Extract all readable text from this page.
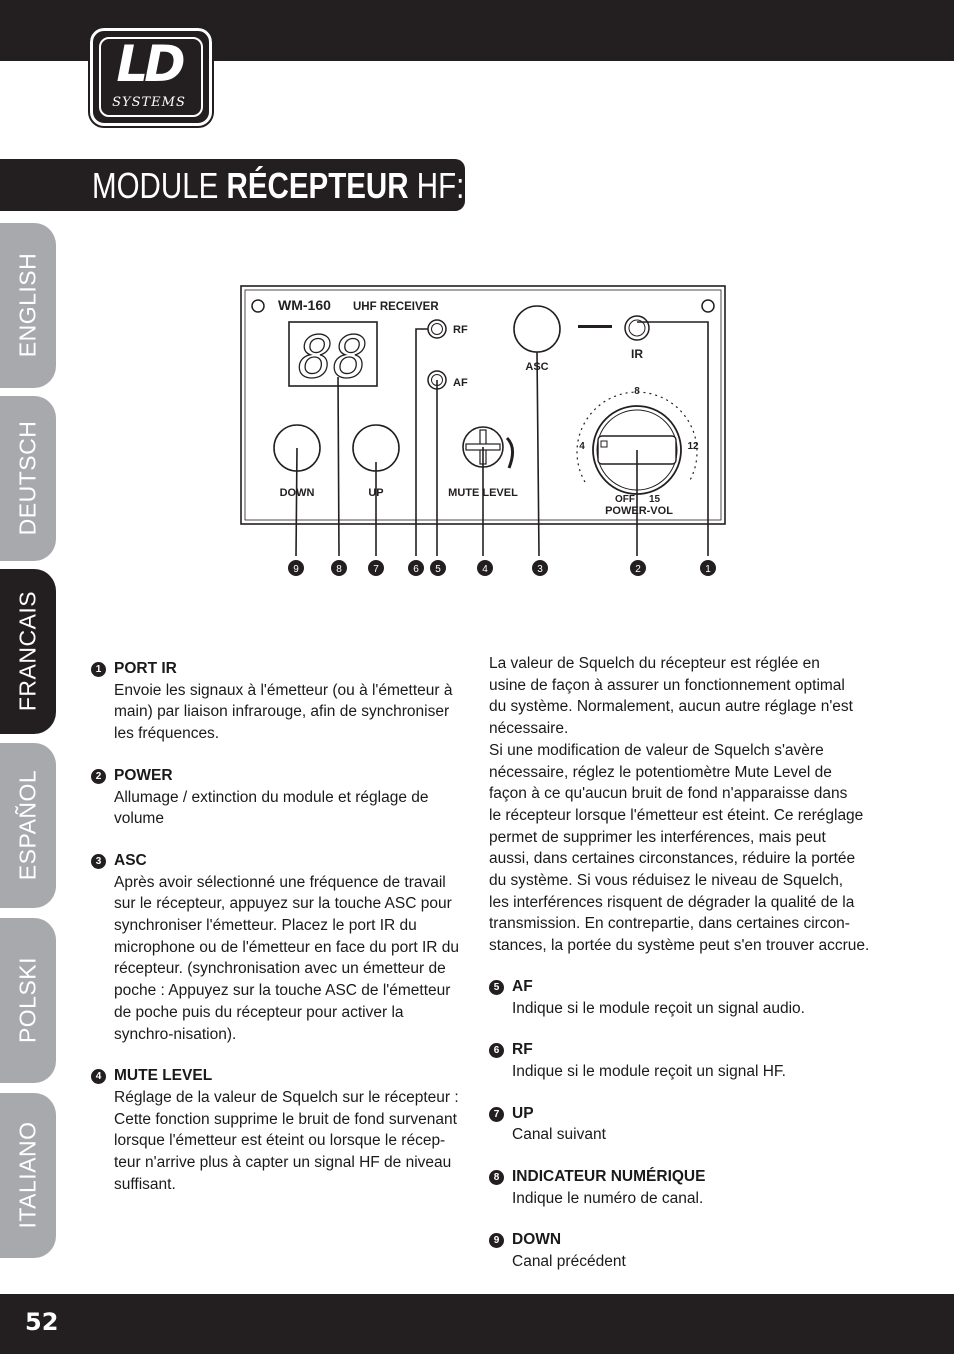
LD
SYSTEMS
MODULE RÉCEPTEUR HF:
ENGLISH
DEUTSCH
FRANCAIS
ESPAÑOL
POLSKI
ITALIANO
WM-160 UHF RECEIVER
88	RF
AF
ASC
IR
DOWN	UP	MUTE LEVEL
8
4	12
OFF 15
POWER-VOL
9	8	7	6 5	4	3	2	1
1 PORT IR

Envoie les signaux à l'émetteur (ou à l'émetteur à main) par liaison infrarouge, afin de synchroniser les fréquences.

2 POWER

Allumage / extinction du module et réglage de volume

3 ASC

Après avoir sélectionné une fréquence de travail sur le récepteur, appuyez sur la touche ASC pour synchroniser l'émetteur. Placez le port IR du microphone ou de l'émetteur en face du port IR du récepteur. (synchronisation avec un émetteur de poche : Appuyez sur la touche ASC de l'émetteur de poche puis du récepteur pour activer la synchro-nisation).

4 MUTE LEVEL

Réglage de la valeur de Squelch sur le récepteur : Cette fonction supprime le bruit de fond survenant lorsque l'émetteur est éteint ou lorsque le récep-teur n'arrive plus à capter un signal HF de niveau suffisant.

La valeur de Squelch du récepteur est réglée en
usine de façon à assurer un fonctionnement optimal
du système. Normalement, aucun autre réglage n'est
nécessaire.
Si une modification de valeur de Squelch s'avère
nécessaire, réglez le potentiomètre Mute Level de
façon à ce qu'aucun bruit de fond n'apparaisse dans
le récepteur lorsque l'émetteur est éteint. Ce reréglage
permet de supprimer les interférences, mais peut
aussi, dans certaines circonstances, réduire la portée
du système. Si vous réduisez le niveau de Squelch,
les interférences risquent de dégrader la qualité de la
transmission. En contrepartie, dans certaines circon-
stances, la portée du système peut s'en trouver accrue.
5 AF

Indique si le module reçoit un signal audio.

6 RF

Indique si le module reçoit un signal HF.

7 UP

Canal suivant

8 INDICATEUR NUMÉRIQUE

Indique le numéro de canal.

9 DOWN

Canal précédent

52
